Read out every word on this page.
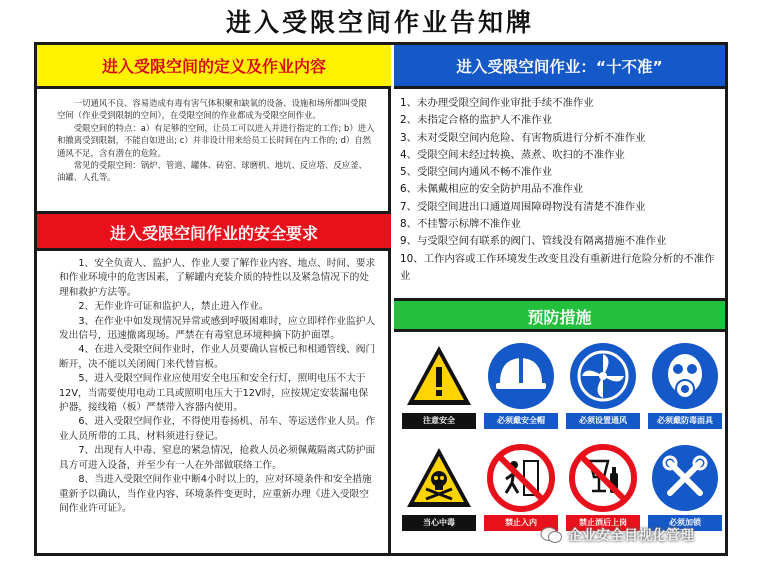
进入受限空间作业告知牌
进入受限空间的定义及作业内容

一切通风不良、容易造成有毒有害气体积聚和缺氧的设备、设施和场所都叫受限空间（作业受到限制的空间），在受限空间的作业都成为受限空间作业。

受限空间的特点：a）有足够的空间，让员工可以进入并进行指定的工作; b）进入和撤离受到限制，不能自如进出; c）并非设计用来给员工长时间在内工作的; d）自然通风不足，含有潜在的危险。

常见的受限空间：锅炉、管道、罐体、砖窑、球磨机、地坑、反应塔、反应釜、油罐、人孔等。

进入受限空间作业的安全要求

1、安全负责人、监护人、作业人要了解作业内容、地点、时间、要求和作业环境中的危害因素，了解罐内充装介质的特性以及紧急情况下的处理和救护方法等。

2、无作业许可证和监护人，禁止进入作业。

3、在作业中如发现情况异常或感到呼吸困难时，应立即样作业监护人发出信号，迅速撤离现场。严禁在有毒窒息环境种摘下防护面罩。

4、在进入受限空间作业时，作业人员要确认盲板已和相通管线、阀门断开，决不能以关闭阀门来代替盲板。

5、进入受限空间作业应使用安全电压和安全行灯，照明电压不大于12V，当需要使用电动工具或照明电压大于12V时，应按规定安装漏电保护器，接线箱（板）严禁带入容器内使用。

6、进入受限空间作业，不得使用卷扬机、吊车、等运送作业人员。作业人员所带的工具、材料须进行登记。

7、出现有人中毒、窒息的紧急情况，抢救人员必须佩戴隔离式防护面具方可进入设备，并至少有一人在外部做联络工作。

8、当进入受限空间作业中断4小时以上的，应对环境条件和安全措施重新予以确认，当作业内容、环境条件变更时，应重新办理《进入受限空间作业许可证》。

进入受限空间作业：“十不准”
1、未办理受限空间作业审批手续不准作业
2、未指定合格的监护人不准作业
3、未对受限空间内危险、有害物质进行分析不准作业
4、受限空间未经过转换、蒸煮、吹扫的不准作业
5、受限空间内通风不畅不准作业
6、未佩戴相应的安全防护用品不准作业
7、受限空间进出口通道周围障碍物没有清楚不准作业
8、不挂警示标牌不准作业
9、与受限空间有联系的阀门、管线没有隔离措施不准作业
10、工作内容或工作环境发生改变且没有重新进行危险分析的不准作业
预防措施
注意安全	必须戴安全帽	必须设置通风	必须戴防毒面具
当心中毒	禁止入内	禁止酒后上岗	必须加锁
企业安全目视化管理
